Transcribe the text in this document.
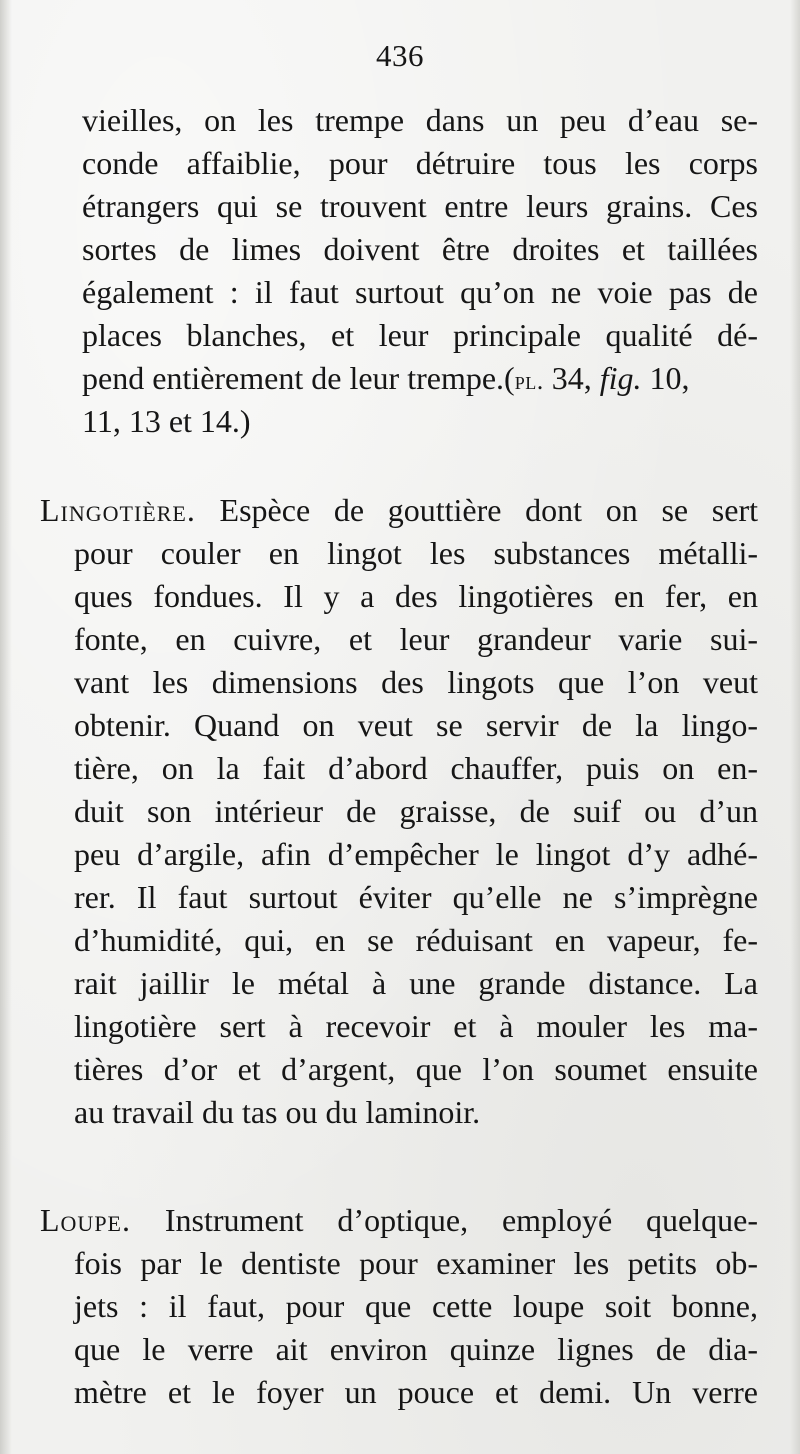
436
vieilles, on les trempe dans un peu d’eau se-
conde affaiblie, pour détruire tous les corps
étrangers qui se trouvent entre leurs grains. Ces
sortes de limes doivent être droites et taillées
également : il faut surtout qu’on ne voie pas de
places blanches, et leur principale qualité dé-
pend entièrement de leur trempe.(pl. 34, fig. 10,
11, 13 et 14.)
Lingotière. Espèce de gouttière dont on se sert
pour couler en lingot les substances métalli-
ques fondues. Il y a des lingotières en fer, en
fonte, en cuivre, et leur grandeur varie sui-
vant les dimensions des lingots que l’on veut
obtenir. Quand on veut se servir de la lingo-
tière, on la fait d’abord chauffer, puis on en-
duit son intérieur de graisse, de suif ou d’un
peu d’argile, afin d’empêcher le lingot d’y adhé-
rer. Il faut surtout éviter qu’elle ne s’imprègne
d’humidité, qui, en se réduisant en vapeur, fe-
rait jaillir le métal à une grande distance. La
lingotière sert à recevoir et à mouler les ma-
tières d’or et d’argent, que l’on soumet ensuite
au travail du tas ou du laminoir.
Loupe. Instrument d’optique, employé quelque-
fois par le dentiste pour examiner les petits ob-
jets : il faut, pour que cette loupe soit bonne,
que le verre ait environ quinze lignes de dia-
mètre et le foyer un pouce et demi. Un verre
